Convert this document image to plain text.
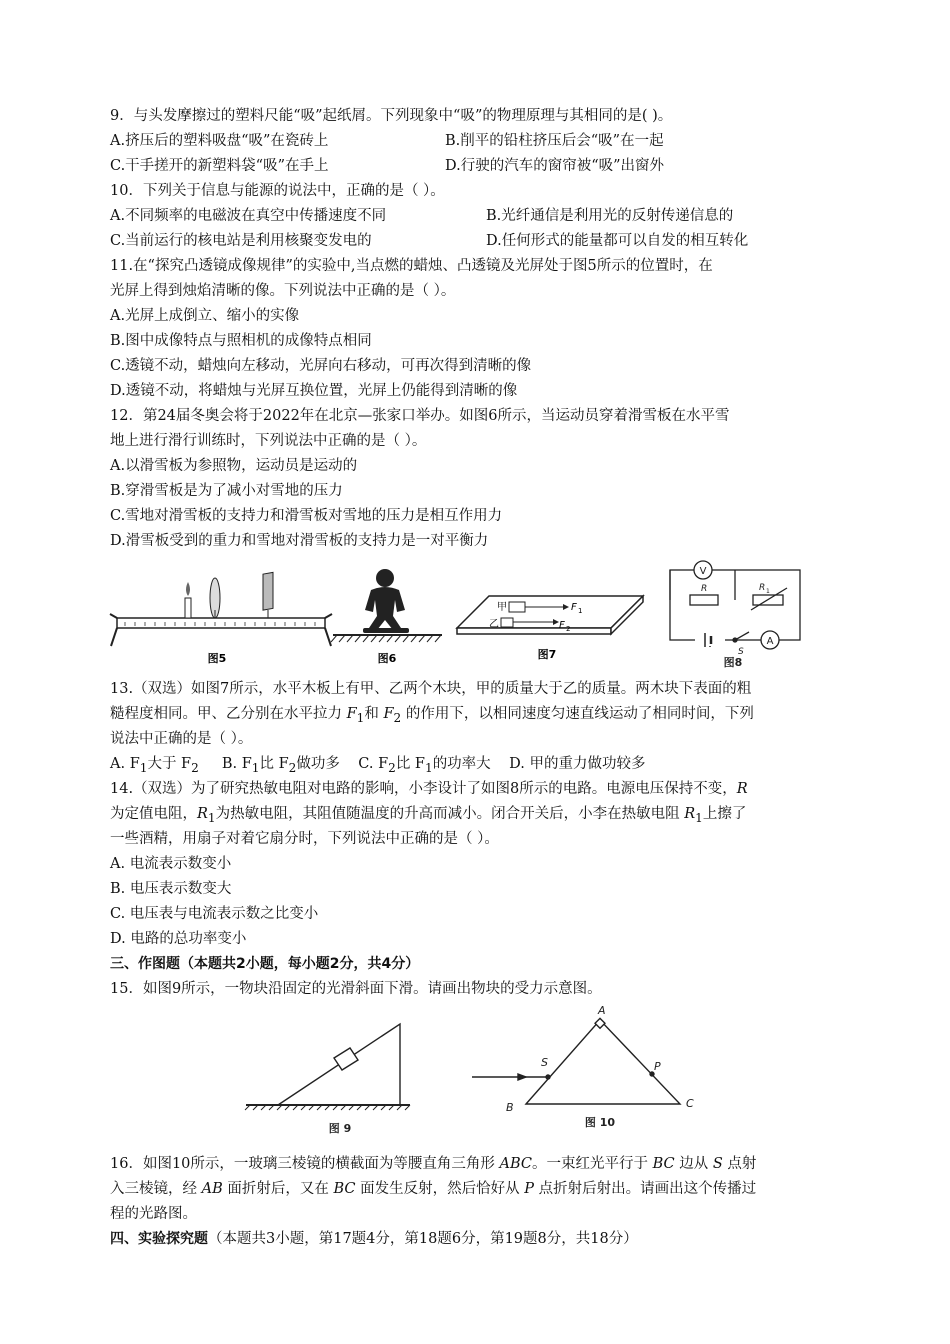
9．与头发摩擦过的塑料尺能“吸”起纸屑。下列现象中“吸”的物理原理与其相同的是( )。
A.挤压后的塑料吸盘“吸”在瓷砖上	B.削平的铅柱挤压后会“吸”在一起
C.干手搓开的新塑料袋“吸”在手上	D.行驶的汽车的窗帘被“吸”出窗外
10．下列关于信息与能源的说法中，正确的是（ ）。
A.不同频率的电磁波在真空中传播速度不同	B.光纤通信是利用光的反射传递信息的
C.当前运行的核电站是利用核聚变发电的	D.任何形式的能量都可以自发的相互转化
11.在“探究凸透镜成像规律”的实验中,当点燃的蜡烛、凸透镜及光屏处于图5所示的位置时，在
光屏上得到烛焰清晰的像。下列说法中正确的是（ ）。
A.光屏上成倒立、缩小的实像
B.图中成像特点与照相机的成像特点相同
C.透镜不动，蜡烛向左移动，光屏向右移动，可再次得到清晰的像
D.透镜不动，将蜡烛与光屏互换位置，光屏上仍能得到清晰的像
12．第24届冬奥会将于2022年在北京—张家口举办。如图6所示，当运动员穿着滑雪板在水平雪
地上进行滑行训练时，下列说法中正确的是（ ）。
A.以滑雪板为参照物，运动员是运动的
B.穿滑雪板是为了减小对雪地的压力
C.雪地对滑雪板的支持力和滑雪板对雪地的压力是相互作用力
D.滑雪板受到的重力和雪地对滑雪板的支持力是一对平衡力
图5	图6
甲	F 1
乙	F 2
图7
V
R	R 1
S
A
图8
13.（双选）如图7所示，水平木板上有甲、乙两个木块，甲的质量大于乙的质量。两木块下表面的粗
糙程度相同。甲、乙分别在水平拉力 $F_1$和 $F_2$ 的作用下，以相同速度匀速直线运动了相同时间，下列
说法中正确的是（ ）。
A. $F_1$大于 $F_2$ B. $F_1$比 $F_2$做功多 C. $F_2$比 $F_1$的功率大 D. 甲的重力做功较多
14.（双选）为了研究热敏电阻对电路的影响，小李设计了如图8所示的电路。电源电压保持不变，R
为定值电阻，$R_1$为热敏电阻，其阻值随温度的升高而减小。闭合开关后，小李在热敏电阻 $R_1$上擦了
一些酒精，用扇子对着它扇分时，下列说法中正确的是（ ）。
A. 电流表示数变小
B. 电压表示数变大
C. 电压表与电流表示数之比变小
D. 电路的总功率变小
三、作图题（本题共2小题，每小题2分，共4分）
15．如图9所示，一物块沿固定的光滑斜面下滑。请画出物块的受力示意图。
图 9
A
B	C
S	P
图 10
16．如图10所示，一玻璃三棱镜的横截面为等腰直角三角形 ABC。一束红光平行于 BC 边从 S 点射
入三棱镜，经 AB 面折射后，又在 BC 面发生反射，然后恰好从 P 点折射后射出。请画出这个传播过
程的光路图。
四、实验探究题（本题共3小题，第17题4分，第18题6分，第19题8分，共18分）
